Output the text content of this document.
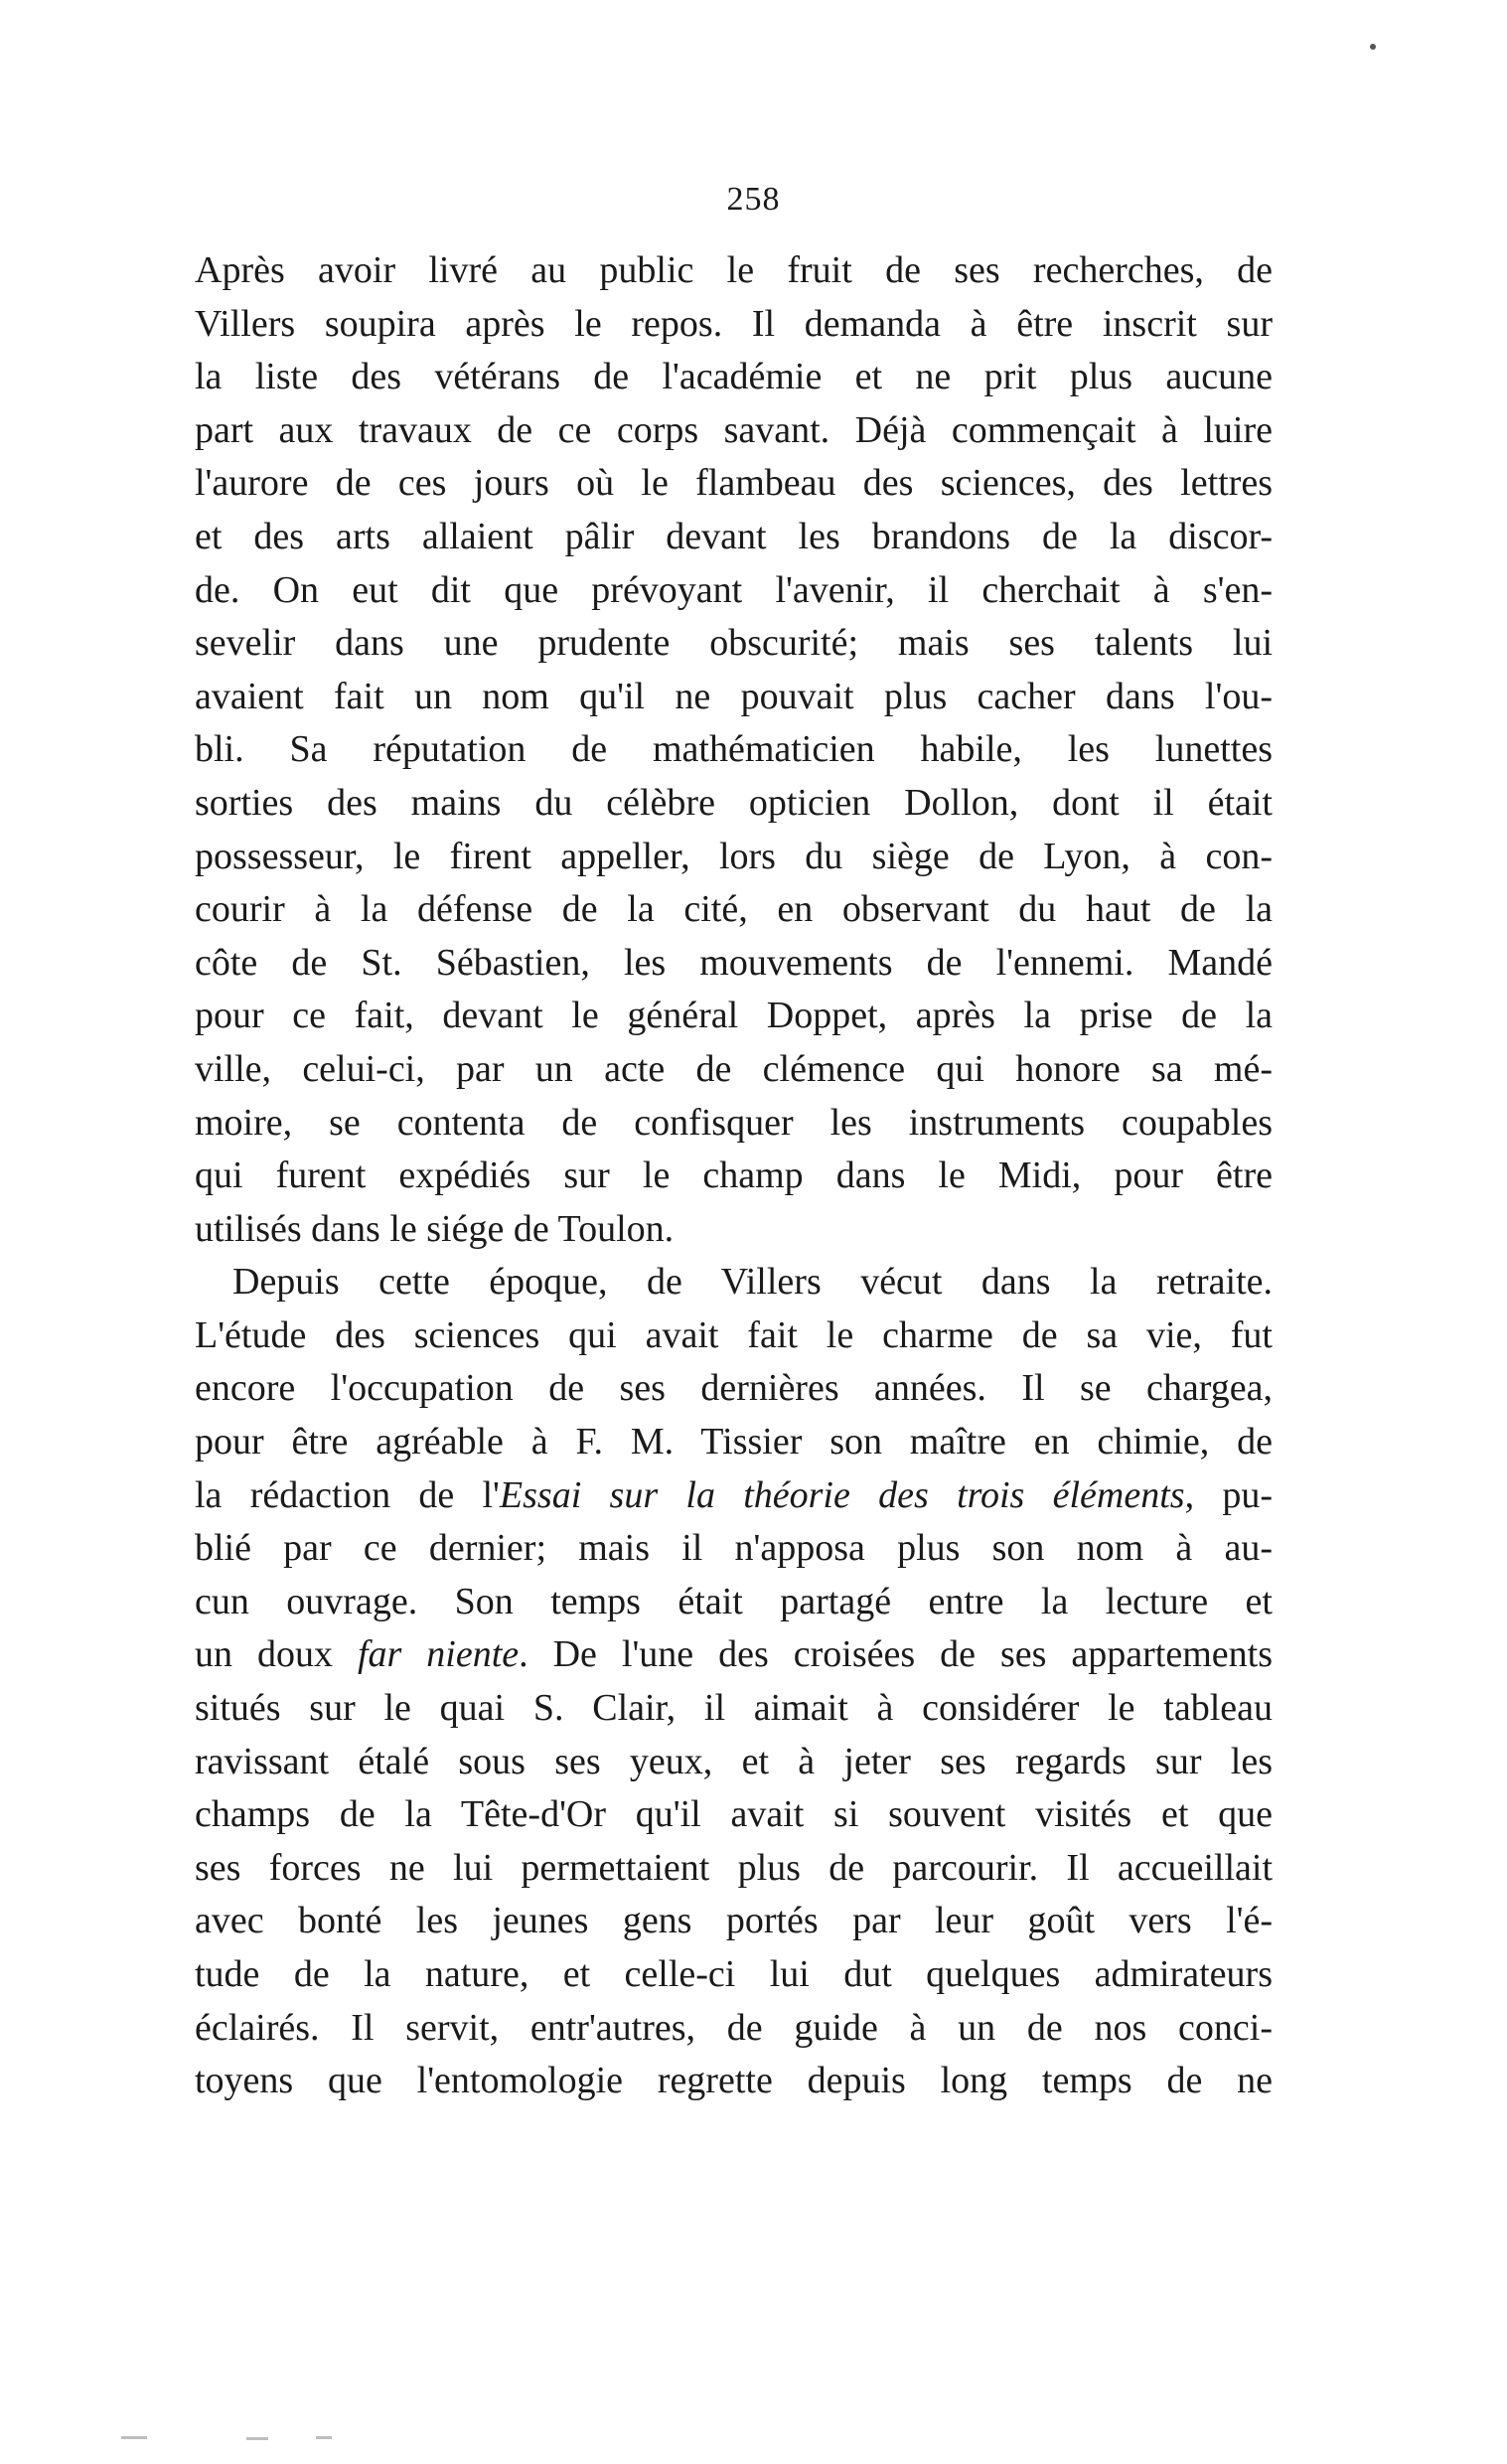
258
Après avoir livré au public le fruit de ses recherches, de
Villers soupira après le repos. Il demanda à être inscrit sur
la liste des vétérans de l'académie et ne prit plus aucune
part aux travaux de ce corps savant. Déjà commençait à luire
l'aurore de ces jours où le flambeau des sciences, des lettres
et des arts allaient pâlir devant les brandons de la discor-
de. On eut dit que prévoyant l'avenir, il cherchait à s'en-
sevelir dans une prudente obscurité; mais ses talents lui
avaient fait un nom qu'il ne pouvait plus cacher dans l'ou-
bli. Sa réputation de mathématicien habile, les lunettes
sorties des mains du célèbre opticien Dollon, dont il était
possesseur, le firent appeller, lors du siège de Lyon, à con-
courir à la défense de la cité, en observant du haut de la
côte de St. Sébastien, les mouvements de l'ennemi. Mandé
pour ce fait, devant le général Doppet, après la prise de la
ville, celui-ci, par un acte de clémence qui honore sa mé-
moire, se contenta de confisquer les instruments coupables
qui furent expédiés sur le champ dans le Midi, pour être
utilisés dans le siége de Toulon.
Depuis cette époque, de Villers vécut dans la retraite.
L'étude des sciences qui avait fait le charme de sa vie, fut
encore l'occupation de ses dernières années. Il se chargea,
pour être agréable à F. M. Tissier son maître en chimie, de
la rédaction de l'Essai sur la théorie des trois éléments, pu-
blié par ce dernier; mais il n'apposa plus son nom à au-
cun ouvrage. Son temps était partagé entre la lecture et
un doux far niente. De l'une des croisées de ses appartements
situés sur le quai S. Clair, il aimait à considérer le tableau
ravissant étalé sous ses yeux, et à jeter ses regards sur les
champs de la Tête-d'Or qu'il avait si souvent visités et que
ses forces ne lui permettaient plus de parcourir. Il accueillait
avec bonté les jeunes gens portés par leur goût vers l'é-
tude de la nature, et celle-ci lui dut quelques admirateurs
éclairés. Il servit, entr'autres, de guide à un de nos conci-
toyens que l'entomologie regrette depuis long temps de ne
